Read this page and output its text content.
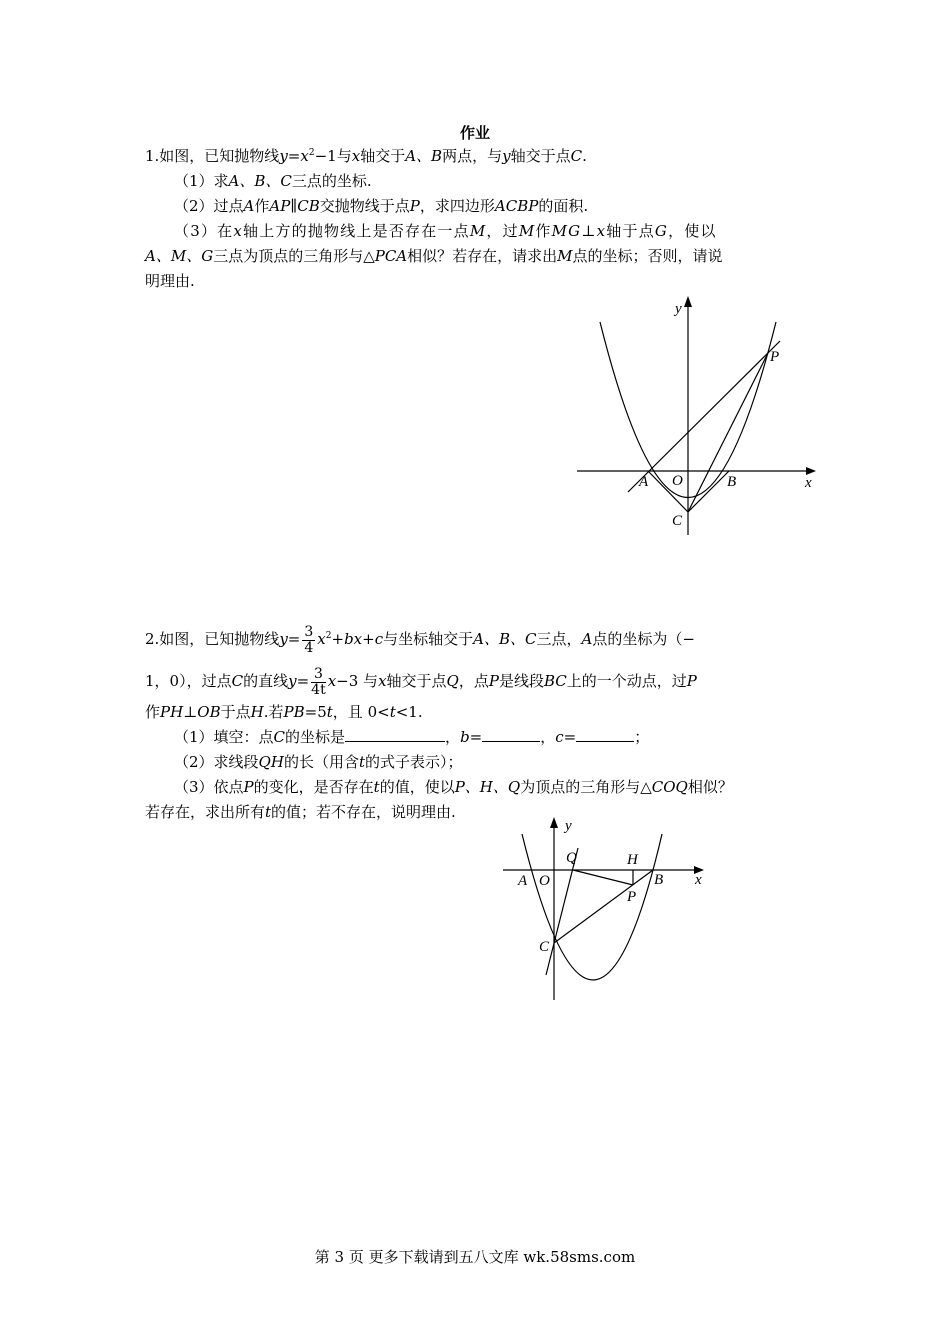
作业
1.如图，已知抛物线$y=x^2-1$与x轴交于A、B两点，与y轴交于点C.
（1）求A、B、C三点的坐标.
（2）过点A作AP∥CB交抛物线于点P，求四边形ACBP的面积.
（3）在x轴上方的抛物线上是否存在一点M，过M作MG⊥x轴于点G，使以
A、M、G三点为顶点的三角形与△PCA相似？若存在，请求出M点的坐标；否则，请说
明理由.
y
P
A O	B	x
C
2.如图，已知抛物线$y= \frac{3}{4} x^2+bx+c$与坐标轴交于A、B、C三点，A点的坐标为（−
1，0），过点C的直线$y= \frac{3}{4t} x-3$ 与x轴交于点Q，点P是线段BC上的一个动点，过P
作PH⊥OB于点H.若PB=5t，且 0<t<1.
（1）填空：点C的坐标是	，b=	，c=	；
（2）求线段QH的长（用含t的式子表示）；
（3）依点P的变化，是否存在t的值，使以P、H、Q为顶点的三角形与△COQ相似？
若存在，求出所有t的值；若不存在，说明理由.
y
Q	H
A O	B x
P
C
第 3 页 更多下载请到五八文库 wk.58sms.com
